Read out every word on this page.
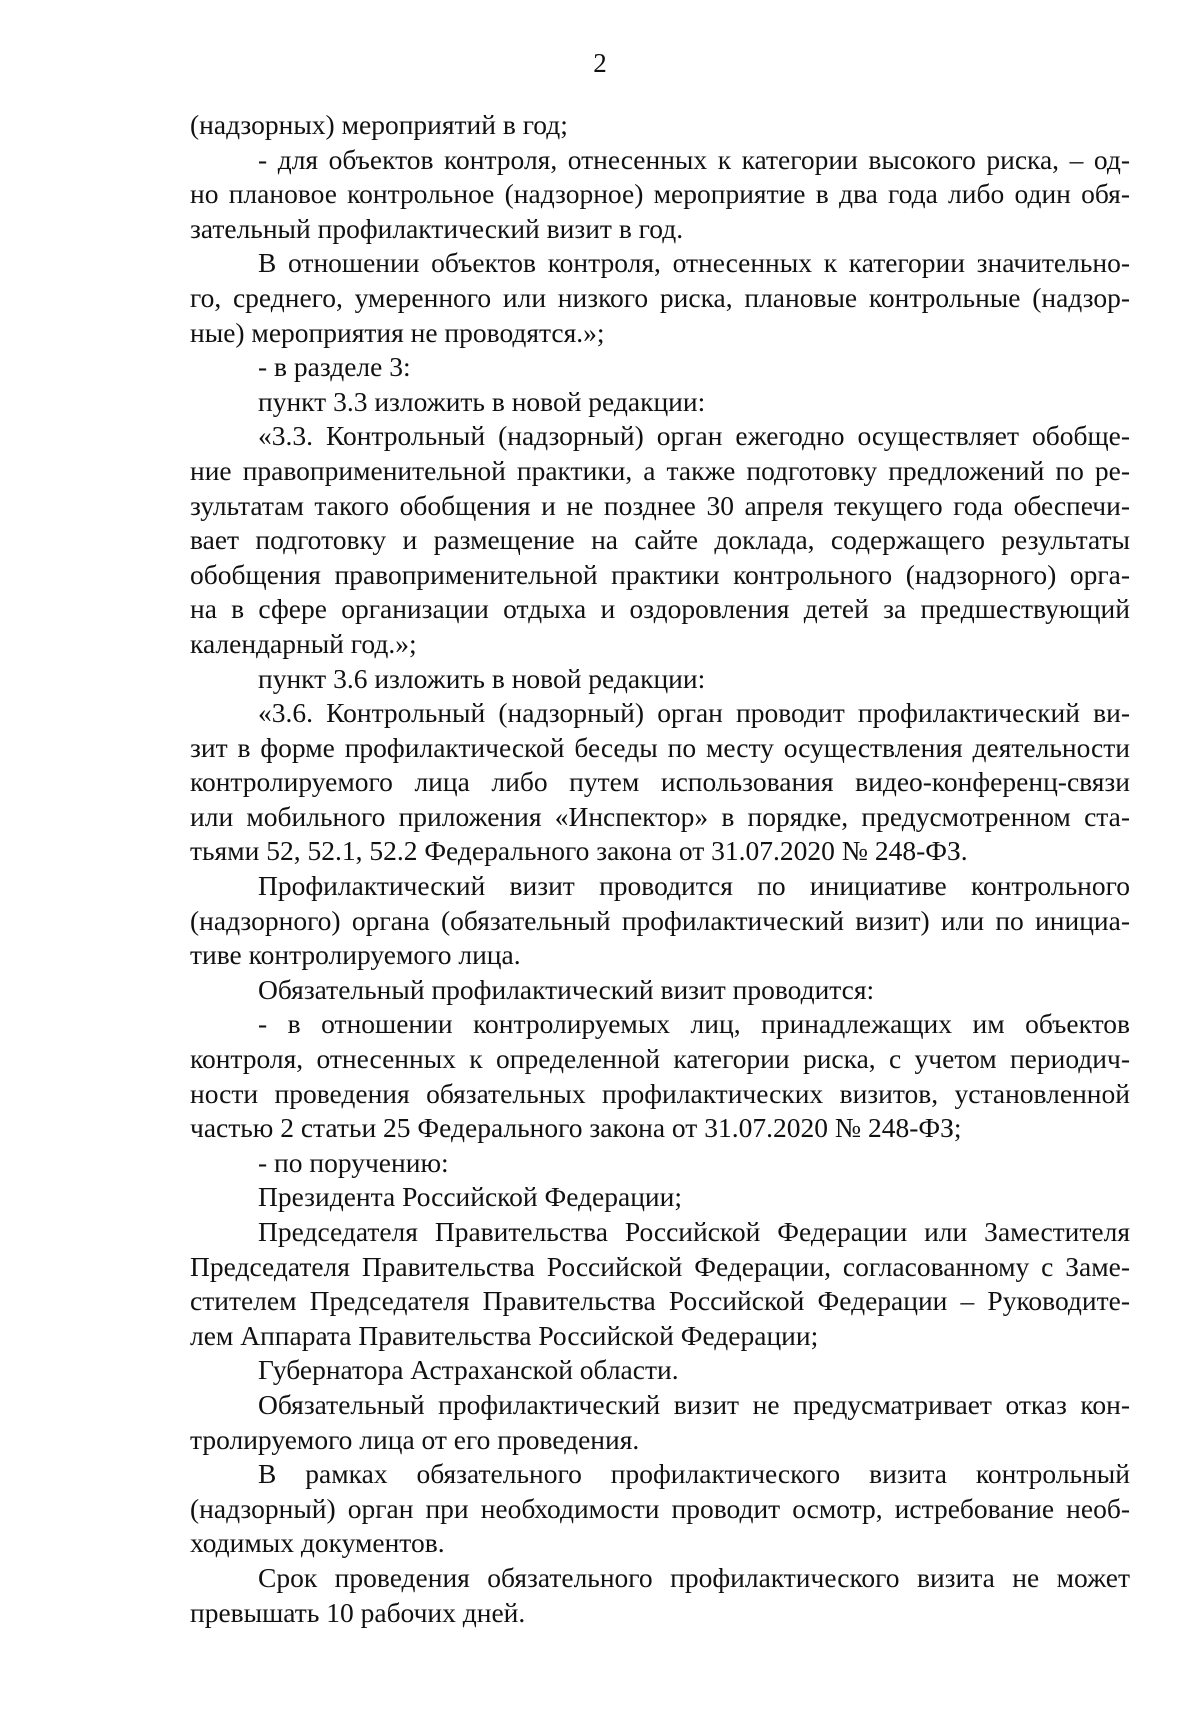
2
(надзорных) мероприятий в год;
- для объектов контроля, отнесенных к категории высокого риска, – од-
но плановое контрольное (надзорное) мероприятие в два года либо один обя-
зательный профилактический визит в год.
В отношении объектов контроля, отнесенных к категории значительно-
го, среднего, умеренного или низкого риска, плановые контрольные (надзор-
ные) мероприятия не проводятся.»;
- в разделе 3:
пункт 3.3 изложить в новой редакции:
«3.3. Контрольный (надзорный) орган ежегодно осуществляет обобще-
ние правоприменительной практики, а также подготовку предложений по ре-
зультатам такого обобщения и не позднее 30 апреля текущего года обеспечи-
вает подготовку и размещение на сайте доклада, содержащего результаты
обобщения правоприменительной практики контрольного (надзорного) орга-
на в сфере организации отдыха и оздоровления детей за предшествующий
календарный год.»;
пункт 3.6 изложить в новой редакции:
«3.6. Контрольный (надзорный) орган проводит профилактический ви-
зит в форме профилактической беседы по месту осуществления деятельности
контролируемого лица либо путем использования видео-конференц-связи
или мобильного приложения «Инспектор» в порядке, предусмотренном ста-
тьями 52, 52.1, 52.2 Федерального закона от 31.07.2020 № 248-ФЗ.
Профилактический визит проводится по инициативе контрольного
(надзорного) органа (обязательный профилактический визит) или по инициа-
тиве контролируемого лица.
Обязательный профилактический визит проводится:
- в отношении контролируемых лиц, принадлежащих им объектов
контроля, отнесенных к определенной категории риска, с учетом периодич-
ности проведения обязательных профилактических визитов, установленной
частью 2 статьи 25 Федерального закона от 31.07.2020 № 248-ФЗ;
- по поручению:
Президента Российской Федерации;
Председателя Правительства Российской Федерации или Заместителя
Председателя Правительства Российской Федерации, согласованному с Заме-
стителем Председателя Правительства Российской Федерации – Руководите-
лем Аппарата Правительства Российской Федерации;
Губернатора Астраханской области.
Обязательный профилактический визит не предусматривает отказ кон-
тролируемого лица от его проведения.
В рамках обязательного профилактического визита контрольный
(надзорный) орган при необходимости проводит осмотр, истребование необ-
ходимых документов.
Срок проведения обязательного профилактического визита не может
превышать 10 рабочих дней.
